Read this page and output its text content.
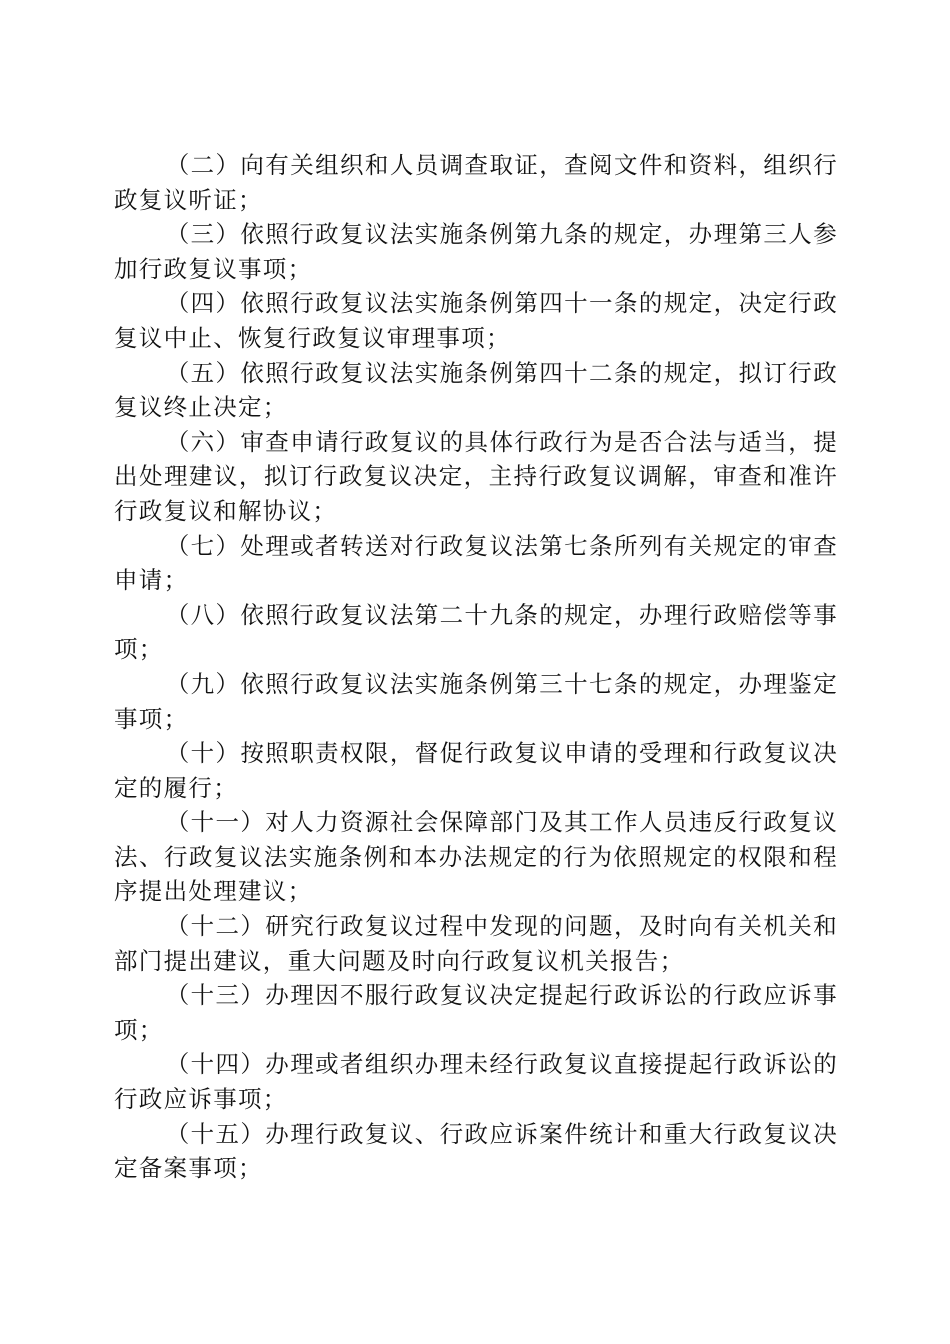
（二）向有关组织和人员调查取证，查阅文件和资料，组织行政复议听证；

（三）依照行政复议法实施条例第九条的规定，办理第三人参加行政复议事项；

（四）依照行政复议法实施条例第四十一条的规定，决定行政复议中止、恢复行政复议审理事项；

（五）依照行政复议法实施条例第四十二条的规定，拟订行政复议终止决定；

（六）审查申请行政复议的具体行政行为是否合法与适当，提出处理建议，拟订行政复议决定，主持行政复议调解，审查和准许行政复议和解协议；

（七）处理或者转送对行政复议法第七条所列有关规定的审查申请；

（八）依照行政复议法第二十九条的规定，办理行政赔偿等事项；

（九）依照行政复议法实施条例第三十七条的规定，办理鉴定事项；

（十）按照职责权限，督促行政复议申请的受理和行政复议决定的履行；

（十一）对人力资源社会保障部门及其工作人员违反行政复议法、行政复议法实施条例和本办法规定的行为依照规定的权限和程序提出处理建议；

（十二）研究行政复议过程中发现的问题，及时向有关机关和部门提出建议，重大问题及时向行政复议机关报告；

（十三）办理因不服行政复议决定提起行政诉讼的行政应诉事项；

（十四）办理或者组织办理未经行政复议直接提起行政诉讼的行政应诉事项；

（十五）办理行政复议、行政应诉案件统计和重大行政复议决定备案事项；
